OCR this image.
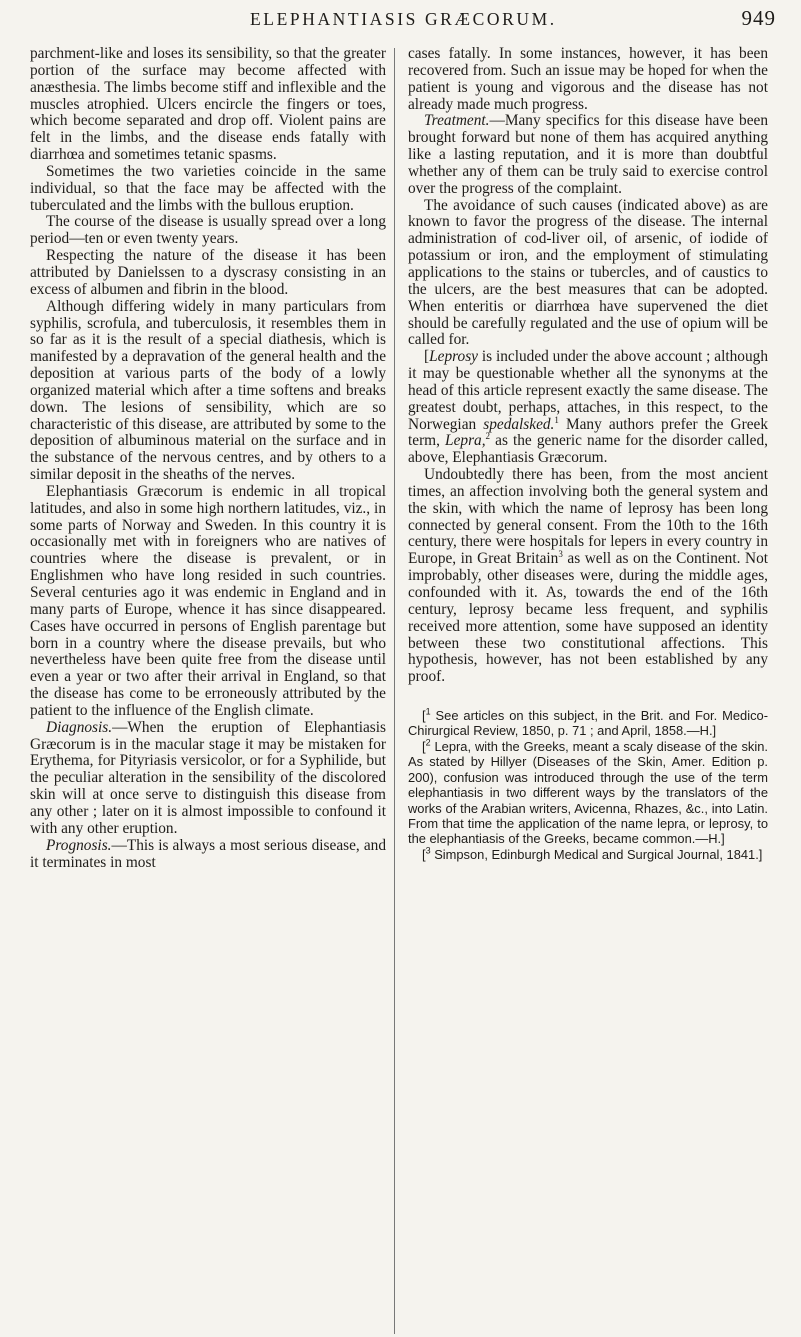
ELEPHANTIASIS GRÆCORUM.	949

parchment-like and loses its sensibility, so that the greater portion of the surface may become affected with anæsthesia. The limbs become stiff and inflexible and the muscles atrophied. Ulcers encircle the fingers or toes, which become separated and drop off. Violent pains are felt in the limbs, and the disease ends fatally with diarrhœa and sometimes tetanic spasms.

Sometimes the two varieties coincide in the same individual, so that the face may be affected with the tuberculated and the limbs with the bullous eruption.

The course of the disease is usually spread over a long period—ten or even twenty years.

Respecting the nature of the disease it has been attributed by Danielssen to a dyscrasy consisting in an excess of albumen and fibrin in the blood.

Although differing widely in many particulars from syphilis, scrofula, and tuberculosis, it resembles them in so far as it is the result of a special diathesis, which is manifested by a depravation of the general health and the deposition at various parts of the body of a lowly organized material which after a time softens and breaks down. The lesions of sensibility, which are so characteristic of this disease, are attributed by some to the deposition of albuminous material on the surface and in the substance of the nervous centres, and by others to a similar deposit in the sheaths of the nerves.

Elephantiasis Græcorum is endemic in all tropical latitudes, and also in some high northern latitudes, viz., in some parts of Norway and Sweden. In this country it is occasionally met with in foreigners who are natives of countries where the disease is prevalent, or in Englishmen who have long resided in such countries. Several centuries ago it was endemic in England and in many parts of Europe, whence it has since disappeared. Cases have occurred in persons of English parentage but born in a country where the disease prevails, but who nevertheless have been quite free from the disease until even a year or two after their arrival in England, so that the disease has come to be erroneously attributed by the patient to the influence of the English climate.

Diagnosis.—When the eruption of Elephantiasis Græcorum is in the macular stage it may be mistaken for Erythema, for Pityriasis versicolor, or for a Syphilide, but the peculiar alteration in the sensibility of the discolored skin will at once serve to distinguish this disease from any other ; later on it is almost impossible to confound it with any other eruption.

Prognosis.—This is always a most serious disease, and it terminates in most

cases fatally. In some instances, however, it has been recovered from. Such an issue may be hoped for when the patient is young and vigorous and the disease has not already made much progress.

Treatment.—Many specifics for this disease have been brought forward but none of them has acquired anything like a lasting reputation, and it is more than doubtful whether any of them can be truly said to exercise control over the progress of the complaint.

The avoidance of such causes (indicated above) as are known to favor the progress of the disease. The internal administration of cod-liver oil, of arsenic, of iodide of potassium or iron, and the employment of stimulating applications to the stains or tubercles, and of caustics to the ulcers, are the best measures that can be adopted. When enteritis or diarrhœa have supervened the diet should be carefully regulated and the use of opium will be called for.

[Leprosy is included under the above account ; although it may be questionable whether all the synonyms at the head of this article represent exactly the same disease. The greatest doubt, perhaps, attaches, in this respect, to the Norwegian spedalsked.$^1$ Many authors prefer the Greek term, Lepra,$^2$ as the generic name for the disorder called, above, Elephantiasis Græcorum.

Undoubtedly there has been, from the most ancient times, an affection involving both the general system and the skin, with which the name of leprosy has been long connected by general consent. From the 10th to the 16th century, there were hospitals for lepers in every country in Europe, in Great Britain$^3$ as well as on the Continent. Not improbably, other diseases were, during the middle ages, confounded with it. As, towards the end of the 16th century, leprosy became less frequent, and syphilis received more attention, some have supposed an identity between these two constitutional affections. This hypothesis, however, has not been established by any proof.

[$^1$ See articles on this subject, in the Brit. and For. Medico-Chirurgical Review, 1850, p. 71 ; and April, 1858.—H.]

[$^2$ Lepra, with the Greeks, meant a scaly disease of the skin. As stated by Hillyer (Diseases of the Skin, Amer. Edition p. 200), confusion was introduced through the use of the term elephantiasis in two different ways by the translators of the works of the Arabian writers, Avicenna, Rhazes, &c., into Latin. From that time the application of the name lepra, or leprosy, to the elephantiasis of the Greeks, became common.—H.]

[$^3$ Simpson, Edinburgh Medical and Surgical Journal, 1841.]
